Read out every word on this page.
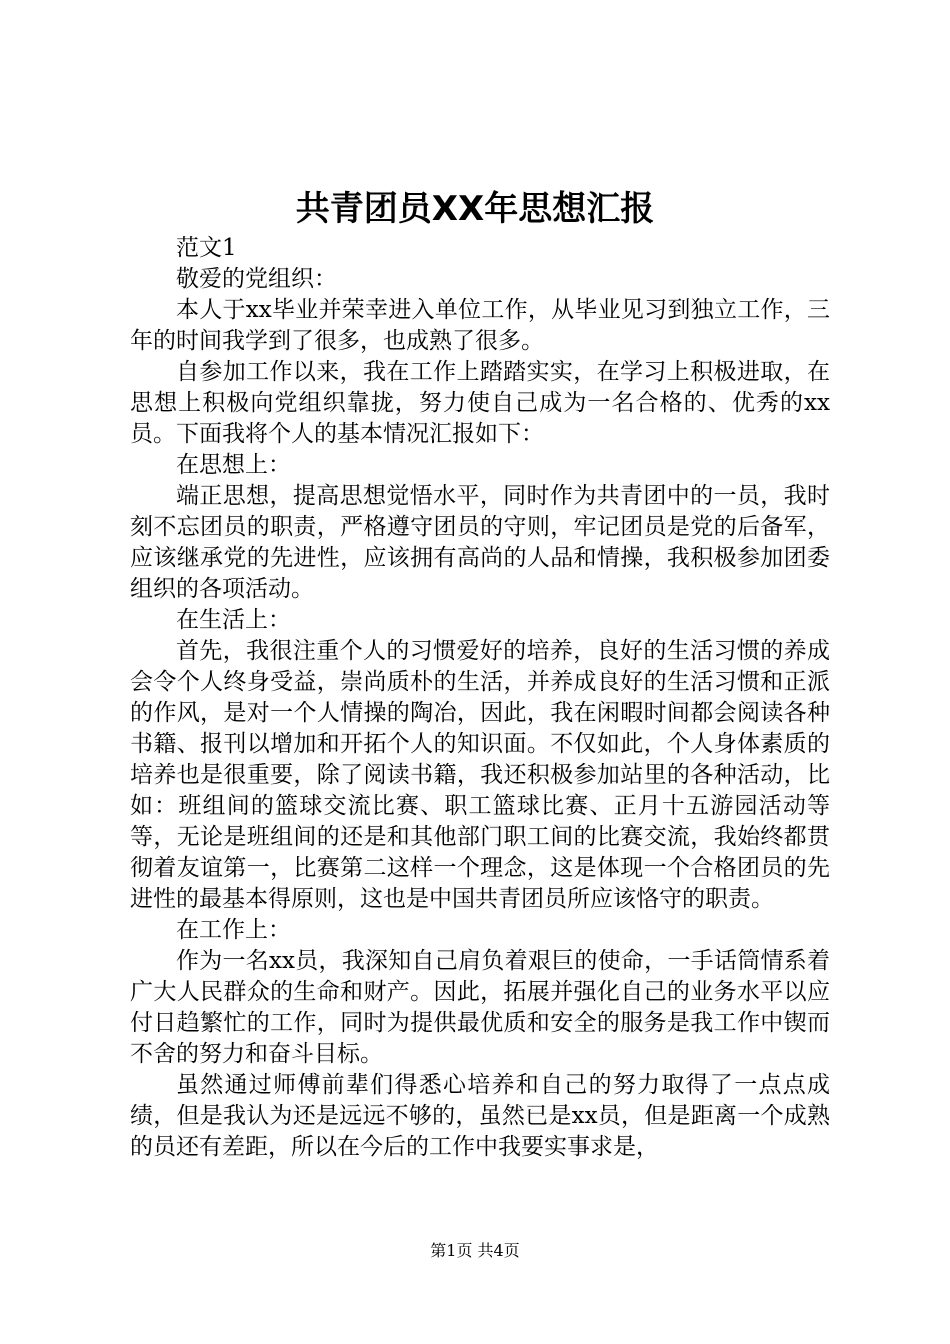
共青团员XX年思想汇报

范文1

敬爱的党组织：

本人于xx毕业并荣幸进入单位工作，从毕业见习到独立工作，三年的时间我学到了很多，也成熟了很多。

自参加工作以来，我在工作上踏踏实实，在学习上积极进取，在思想上积极向党组织靠拢，努力使自己成为一名合格的、优秀的xx员。下面我将个人的基本情况汇报如下：

在思想上：

端正思想，提高思想觉悟水平，同时作为共青团中的一员，我时刻不忘团员的职责，严格遵守团员的守则，牢记团员是党的后备军，应该继承党的先进性，应该拥有高尚的人品和情操，我积极参加团委组织的各项活动。

在生活上：

首先，我很注重个人的习惯爱好的培养，良好的生活习惯的养成会令个人终身受益，崇尚质朴的生活，并养成良好的生活习惯和正派的作风，是对一个人情操的陶冶，因此，我在闲暇时间都会阅读各种书籍、报刊以增加和开拓个人的知识面。不仅如此，个人身体素质的培养也是很重要，除了阅读书籍，我还积极参加站里的各种活动，比如：班组间的篮球交流比赛、职工篮球比赛、正月十五游园活动等等，无论是班组间的还是和其他部门职工间的比赛交流，我始终都贯彻着友谊第一，比赛第二这样一个理念，这是体现一个合格团员的先进性的最基本得原则，这也是中国共青团员所应该恪守的职责。

在工作上：

作为一名xx员，我深知自己肩负着艰巨的使命，一手话筒情系着广大人民群众的生命和财产。因此，拓展并强化自己的业务水平以应付日趋繁忙的工作，同时为提供最优质和安全的服务是我工作中锲而不舍的努力和奋斗目标。

虽然通过师傅前辈们得悉心培养和自己的努力取得了一点点成绩，但是我认为还是远远不够的，虽然已是xx员，但是距离一个成熟的员还有差距，所以在今后的工作中我要实事求是，

第1页 共4页
